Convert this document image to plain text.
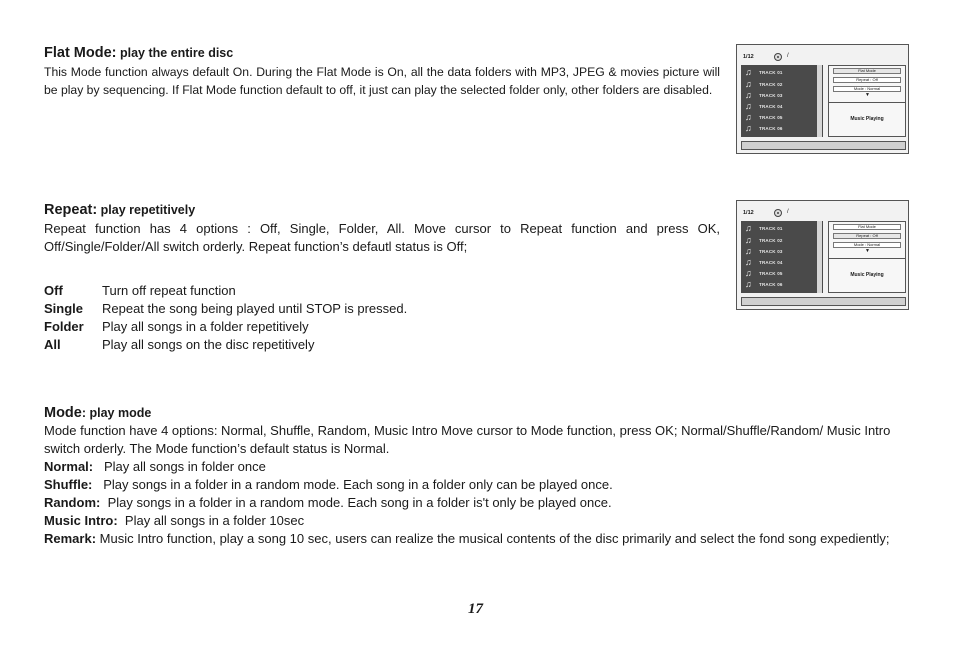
Flat Mode: play the entire disc
This Mode function always default On. During the Flat Mode is On, all the data folders with MP3, JPEG & movies picture will be play by sequencing. If Flat Mode function default to off, it just can play the selected folder only, other folders are disabled.
Repeat: play repetitively
Repeat function has 4 options : Off, Single, Folder, All. Move cursor to Repeat function and press OK, Off/Single/Folder/All switch orderly. Repeat function’s defautl status is Off;
Off	Turn off repeat function
Single	Repeat the song being played until STOP is pressed.
Folder	Play all songs in a folder repetitively
All	Play all songs on the disc repetitively
Mode: play mode
Mode function have 4 options: Normal, Shuffle, Random, Music Intro Move cursor to Mode function, press OK; Normal/Shuffle/Random/ Music Intro switch orderly. The Mode function’s default status is Normal.
Normal: Play all songs in folder once
Shuffle: Play songs in a folder in a random mode. Each song in a folder only can be played once.
Random: Play songs in a folder in a random mode. Each song in a folder is't only be played once.
Music Intro: Play all songs in a folder 10sec
Remark: Music Intro function, play a song 10 sec, users can realize the musical contents of the disc primarily and select the fond song expediently;
1/12	/
♫	TRACK 01
♫	TRACK 02
♫	TRACK 03
♫	TRACK 04
♫	TRACK 05
♫	TRACK 06
Flat Mode
Repeat : Off
Mode : Normal
▼
Music Playing
1/12	/
♫	TRACK 01
♫	TRACK 02
♫	TRACK 03
♫	TRACK 04
♫	TRACK 05
♫	TRACK 06
Flat Mode
Repeat : Off
Mode : Normal
▼
Music Playing
17
